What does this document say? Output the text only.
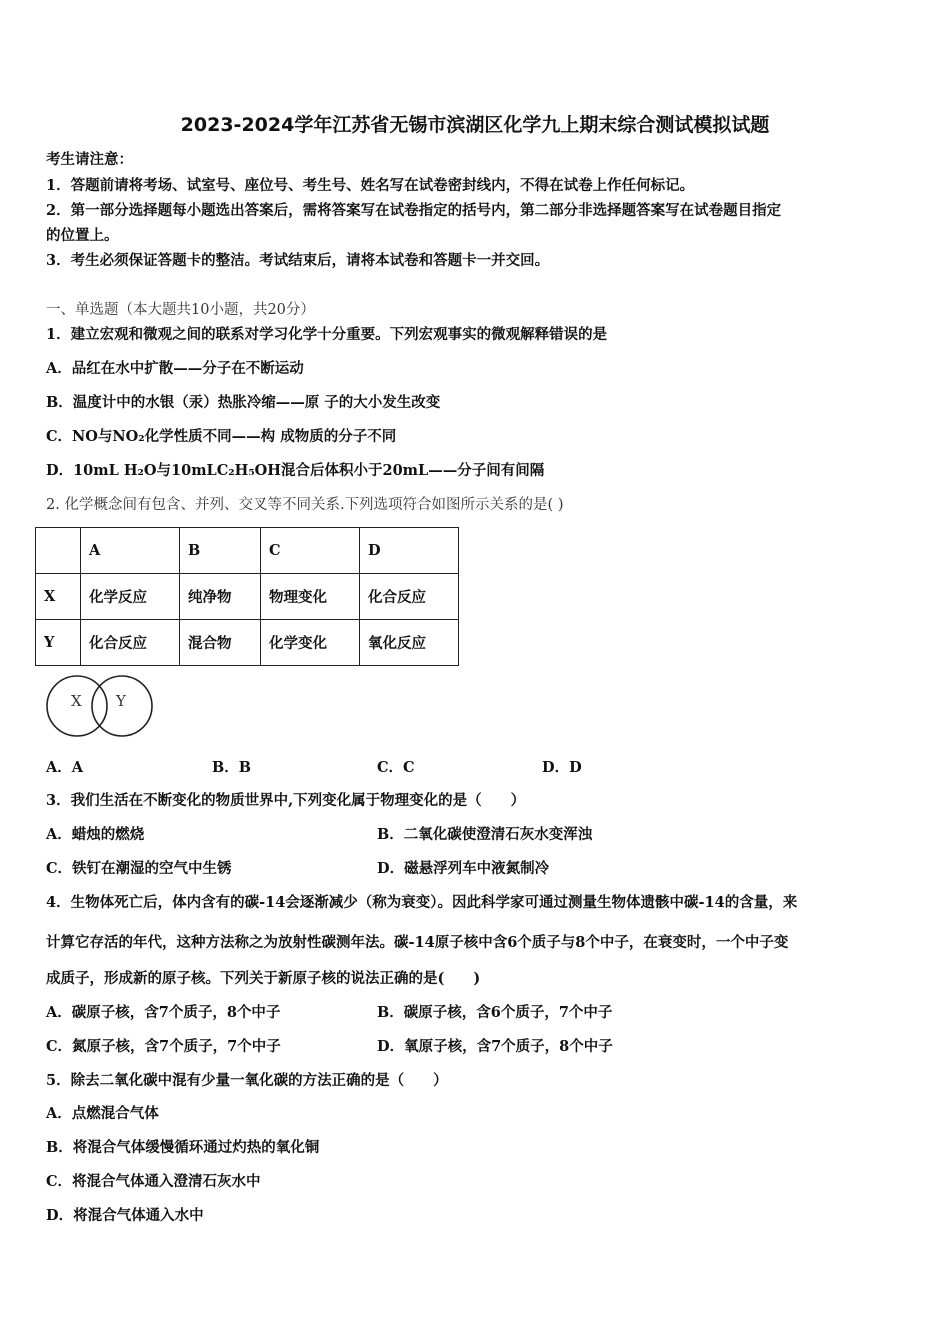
2023-2024学年江苏省无锡市滨湖区化学九上期末综合测试模拟试题
考生请注意：
1．答题前请将考场、试室号、座位号、考生号、姓名写在试卷密封线内，不得在试卷上作任何标记。
2．第一部分选择题每小题选出答案后，需将答案写在试卷指定的括号内，第二部分非选择题答案写在试卷题目指定
的位置上。
3．考生必须保证答题卡的整洁。考试结束后，请将本试卷和答题卡一并交回。
一、单选题（本大题共10小题，共20分）
1．建立宏观和微观之间的联系对学习化学十分重要。下列宏观事实的微观解释错误的是
A．品红在水中扩散——分子在不断运动
B．温度计中的水银（汞）热胀冷缩——原 子的大小发生改变
C．NO与NO₂化学性质不同——构 成物质的分子不同
D．10mL H₂O与10mLC₂H₅OH混合后体积小于20mL——分子间有间隔
2. 化学概念间有包含、并列、交叉等不同关系.下列选项符合如图所示关系的是( )
	A	B	C	D
X	化学反应	纯净物	物理变化	化合反应
Y	化合反应	混合物	化学变化	氧化反应
X Y
A．A	B．B	C．C	D．D
3．我们生活在不断变化的物质世界中,下列变化属于物理变化的是（　　）
A．蜡烛的燃烧	B．二氧化碳使澄清石灰水变浑浊
C．铁钉在潮湿的空气中生锈	D．磁悬浮列车中液氮制冷
4．生物体死亡后，体内含有的碳-14会逐渐减少（称为衰变）。因此科学家可通过测量生物体遗骸中碳-14的含量，来
计算它存活的年代，这种方法称之为放射性碳测年法。碳-14原子核中含6个质子与8个中子，在衰变时，一个中子变
成质子，形成新的原子核。下列关于新原子核的说法正确的是(　　)
A．碳原子核，含7个质子，8个中子	B．碳原子核，含6个质子，7个中子
C．氮原子核，含7个质子，7个中子	D．氧原子核，含7个质子，8个中子
5．除去二氧化碳中混有少量一氧化碳的方法正确的是（　　）
A．点燃混合气体
B．将混合气体缓慢循环通过灼热的氧化铜
C．将混合气体通入澄清石灰水中
D．将混合气体通入水中
